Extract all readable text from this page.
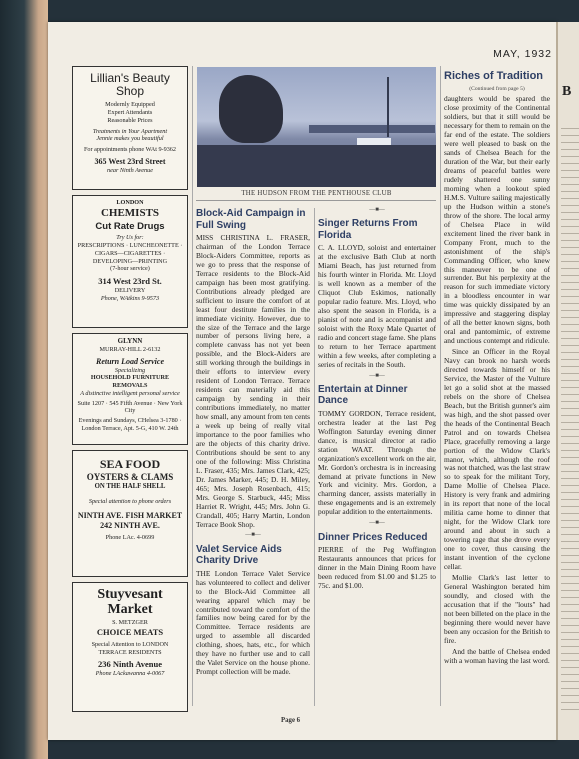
MAY, 1932
Lillian's Beauty Shop
Modernly Equipped
Expert Attendants
Reasonable Prices
Treatments in Your Apartment
Jennie makes you beautiful
For appointments phone WAt 9-9362
365 West 23rd Street
near Ninth Avenue
LONDON
CHEMISTS
Cut Rate Drugs
Try Us for:
PRESCRIPTIONS · LUNCHEONETTE · CIGARS—CIGARETTES · DEVELOPING—PRINTING
(7-hour service)
314 West 23rd St.
DELIVERY
Phone, WAtkins 9-9573
GLYNN
MURRAY-HILL 2-6132
Return Load Service
Specializing
HOUSEHOLD FURNITURE REMOVALS
A distinctive intelligent personal service
Suite 1207 · 545 Fifth Avenue · New York City
Evenings and Sundays, CHelsea 3-1780 · London Terrace, Apt. 5-G, 410 W. 24th
SEA FOOD
OYSTERS & CLAMS
ON THE HALF SHELL
Special attention to phone orders
NINTH AVE. FISH MARKET
242 NINTH AVE.
Phone LAc. 4-0699
Stuyvesant
Market
S. METZGER
CHOICE MEATS
Special Attention to LONDON TERRACE RESIDENTS
236 Ninth Avenue
Phone LAckawanna 4-0067
THE HUDSON FROM THE PENTHOUSE CLUB
Block-Aid Campaign in Full Swing

MISS CHRISTINA L. FRASER, chairman of the London Terrace Block-Aiders Committee, reports as we go to press that the response of Terrace residents to the Block-Aid campaign has been most gratifying. Contributions already pledged are sufficient to insure the comfort of at least four destitute families in the immediate vicinity. However, due to the size of the Terrace and the large number of persons living here, a complete canvass has not yet been possible, and the Block-Aiders are still working through the buildings in their efforts to interview every resident of London Terrace. Terrace residents can materially aid this campaign by sending in their contributions immediately, no matter how small, any amount from ten cents a week up being of really vital importance to the poor families who are the objects of this charity drive. Contributions should be sent to any one of the following: Miss Christina L. Fraser, 435; Mrs. James Clark, 425; Dr. James Marker, 445; D. H. Miley, 465; Mrs. Joseph Rosenbach, 415; Mrs. George S. Starbuck, 445; Miss Harriet R. Wright, 445; Mrs. John G. Crandall, 405; Harry Martin, London Terrace Book Shop.

—■—
Valet Service Aids Charity Drive

THE London Terrace Valet Service has volunteered to collect and deliver to the Block-Aid Committee all wearing apparel which may be contributed toward the comfort of the families now being cared for by the Committee. Terrace residents are urged to assemble all discarded clothing, shoes, hats, etc., for which they have no further use and to call the Valet Service on the house phone. Prompt collection will be made.

—■—
Singer Returns From Florida

C. A. LLOYD, soloist and entertainer at the exclusive Bath Club at north Miami Beach, has just returned from his fourth winter in Florida. Mr. Lloyd is well known as a member of the Cliquot Club Eskimos, nationally popular radio feature. Mrs. Lloyd, who also spent the season in Florida, is a pianist of note and is accompanist and soloist with the Roxy Male Quartet of radio and concert stage fame. She plans to return to her Terrace apartment within a few weeks, after completing a series of recitals in the South.

—■—
Entertain at Dinner Dance

TOMMY GORDON, Terrace resident, orchestra leader at the last Peg Woffington Saturday evening dinner dance, is musical director at radio station WAAT. Through the organization's excellent work on the air, Mr. Gordon's orchestra is in increasing demand at private functions in New York and vicinity. Mrs. Gordon, a charming dancer, assists materially in these engagements and is an extremely popular addition to the entertainments.

—■—
Dinner Prices Reduced

PIERRE of the Peg Woffington Restaurants announces that prices for dinner in the Main Dining Room have been reduced from $1.00 and $1.25 to 75c. and $1.00.

Riches of Tradition
(Continued from page 5)

daughters would be spared the close proximity of the Continental soldiers, but that it still would be necessary for them to remain on the far end of the estate. The soldiers were well pleased to bask on the sands of Chelsea Beach for the duration of the War, but their early dreams of peaceful battles were rudely shattered one sunny morning when a lookout spied H.M.S. Vulture sailing majestically up the Hudson within a stone's throw of the shore. The local army of Chelsea Place in wild excitement lined the river bank in Company Front, much to the astonishment of the ship's Commanding Officer, who knew this maneuver to be one of surrender. But his perplexity at the reason for such immediate victory in a bloodless encounter in war time was quickly dissipated by an impressive and staggering display of all the better known signs, both oral and pantomimic, of extreme and unctious contempt and ridicule.

Since an Officer in the Royal Navy can brook no harsh words directed towards himself or his Service, the Master of the Vulture let go a solid shot at the massed rebels on the shore of Chelsea Beach, but the British gunner's aim was high, and the shot passed over the heads of the Continental Beach Patrol and on towards Chelsea Place, gracefully removing a large portion of the Widow Clark's manor, which, although the roof was not thatched, was the last straw so to speak for the militant Tory, Dame Mollie of Chelsea Place. History is very frank and admiring in its report that none of the local militia came home to dinner that night, for the Widow Clark tore around and about in such a towering rage that she drove every one to cover, thus causing the instant invention of the cyclone cellar.

Mollie Clark's last letter to General Washington berated him soundly, and closed with the accusation that if the "louts" had not been billeted on the place in the beginning there would never have been any occasion for the British to fire.

And the battle of Chelsea ended with a woman having the last word.

Page 6
B
